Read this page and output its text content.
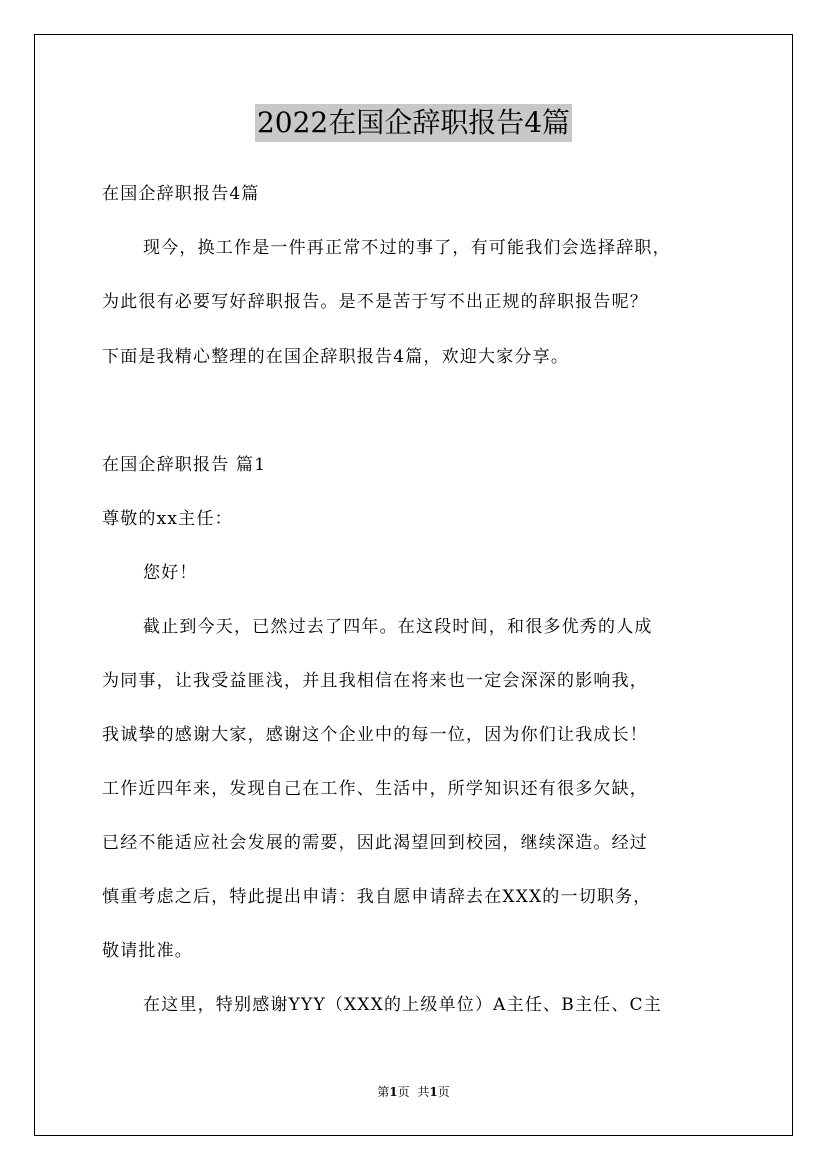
2022在国企辞职报告4篇
在国企辞职报告4篇
现今，换工作是一件再正常不过的事了，有可能我们会选择辞职，
为此很有必要写好辞职报告。是不是苦于写不出正规的辞职报告呢？
下面是我精心整理的在国企辞职报告4篇，欢迎大家分享。
在国企辞职报告 篇1
尊敬的xx主任：
您好！
截止到今天，已然过去了四年。在这段时间，和很多优秀的人成
为同事，让我受益匪浅，并且我相信在将来也一定会深深的影响我，
我诚挚的感谢大家，感谢这个企业中的每一位，因为你们让我成长！
工作近四年来，发现自己在工作、生活中，所学知识还有很多欠缺，
已经不能适应社会发展的需要，因此渴望回到校园，继续深造。经过
慎重考虑之后，特此提出申请：我自愿申请辞去在XXX的一切职务，
敬请批准。
在这里，特别感谢YYY（XXX的上级单位）A主任、B主任、C主
第1页 共1页
